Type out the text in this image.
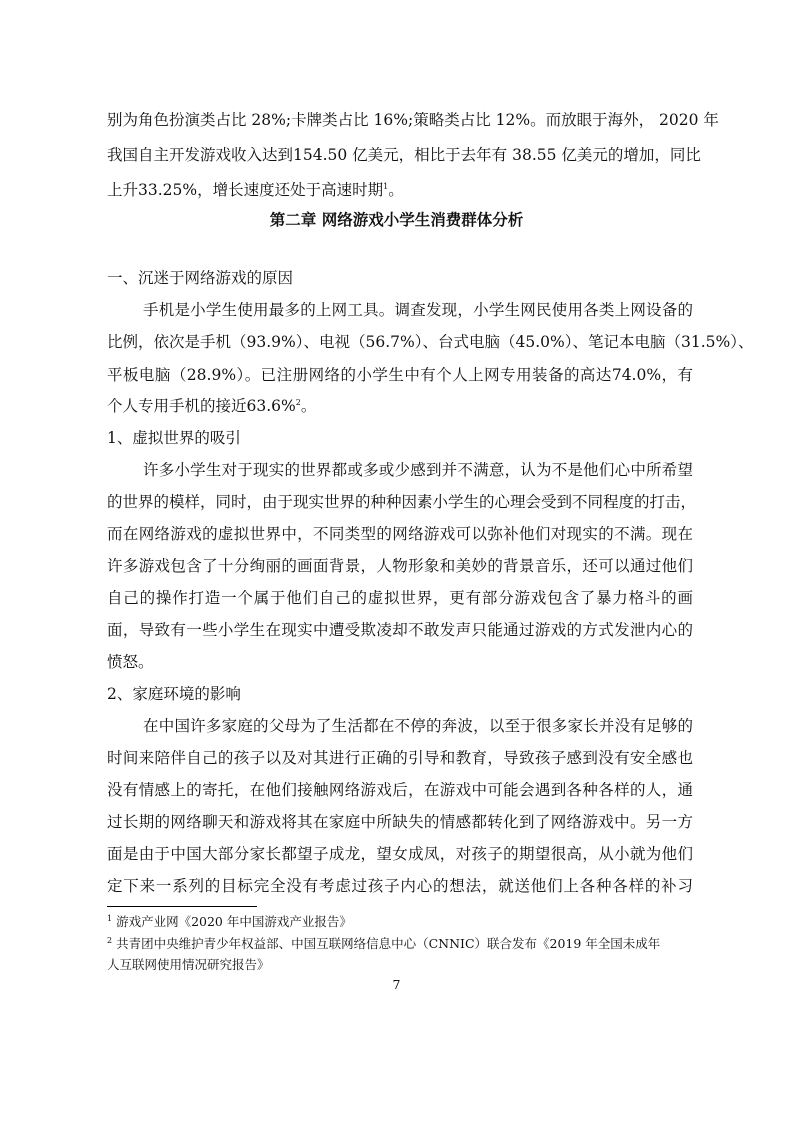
别为角色扮演类占比 28%;卡牌类占比 16%;策略类占比 12%。而放眼于海外， 2020 年
我国自主开发游戏收入达到154.50 亿美元，相比于去年有 38.55 亿美元的增加，同比
上升33.25%，增长速度还处于高速时期$^1$。
第二章 网络游戏小学生消费群体分析
一、沉迷于网络游戏的原因
手机是小学生使用最多的上网工具。调查发现，小学生网民使用各类上网设备的
比例，依次是手机（93.9%）、电视（56.7%）、台式电脑（45.0%）、笔记本电脑（31.5%）、
平板电脑（28.9%）。已注册网络的小学生中有个人上网专用装备的高达74.0%，有
个人专用手机的接近63.6%$^2$。
1、虚拟世界的吸引
许多小学生对于现实的世界都或多或少感到并不满意，认为不是他们心中所希望
的世界的模样，同时，由于现实世界的种种因素小学生的心理会受到不同程度的打击，
而在网络游戏的虚拟世界中，不同类型的网络游戏可以弥补他们对现实的不满。现在
许多游戏包含了十分绚丽的画面背景，人物形象和美妙的背景音乐，还可以通过他们
自己的操作打造一个属于他们自己的虚拟世界，更有部分游戏包含了暴力格斗的画
面，导致有一些小学生在现实中遭受欺凌却不敢发声只能通过游戏的方式发泄内心的
愤怒。
2、家庭环境的影响
在中国许多家庭的父母为了生活都在不停的奔波，以至于很多家长并没有足够的
时间来陪伴自己的孩子以及对其进行正确的引导和教育，导致孩子感到没有安全感也
没有情感上的寄托，在他们接触网络游戏后，在游戏中可能会遇到各种各样的人，通
过长期的网络聊天和游戏将其在家庭中所缺失的情感都转化到了网络游戏中。另一方
面是由于中国大部分家长都望子成龙，望女成凤，对孩子的期望很高，从小就为他们
定下来一系列的目标完全没有考虑过孩子内心的想法，就送他们上各种各样的补习
$^1$ 游戏产业网《2020 年中国游戏产业报告》
$^2$ 共青团中央维护青少年权益部、中国互联网络信息中心（CNNIC）联合发布《2019 年全国未成年
人互联网使用情况研究报告》
7
